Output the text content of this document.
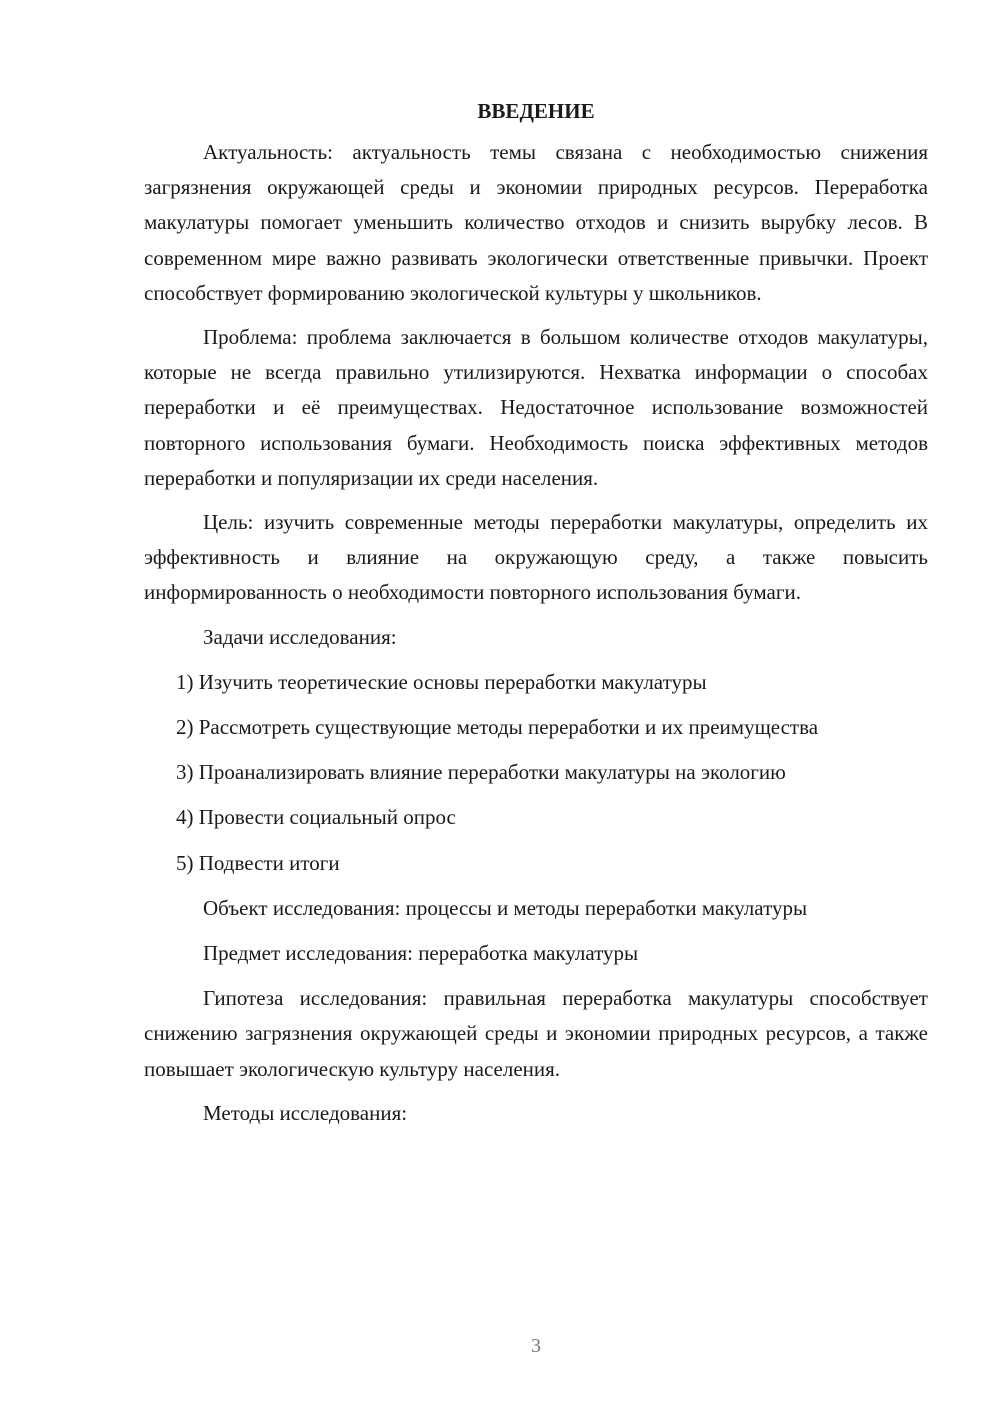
ВВЕДЕНИЕ

Актуальность: актуальность темы связана с необходимостью снижения загрязнения окружающей среды и экономии природных ресурсов. Переработка макулатуры помогает уменьшить количество отходов и снизить вырубку лесов. В современном мире важно развивать экологически ответственные привычки. Проект способствует формированию экологической культуры у школьников.

Проблема: проблема заключается в большом количестве отходов макулатуры, которые не всегда правильно утилизируются. Нехватка информации о способах переработки и её преимуществах. Недостаточное использование возможностей повторного использования бумаги. Необходимость поиска эффективных методов переработки и популяризации их среди населения.

Цель: изучить современные методы переработки макулатуры, определить их эффективность и влияние на окружающую среду, а также повысить информированность о необходимости повторного использования бумаги.

Задачи исследования:

1) Изучить теоретические основы переработки макулатуры

2) Рассмотреть существующие методы переработки и их преимущества

3) Проанализировать влияние переработки макулатуры на экологию

4) Провести социальный опрос

5) Подвести итоги

Объект исследования: процессы и методы переработки макулатуры

Предмет исследования: переработка макулатуры

Гипотеза исследования: правильная переработка макулатуры способствует снижению загрязнения окружающей среды и экономии природных ресурсов, а также повышает экологическую культуру населения.

Методы исследования:

3
